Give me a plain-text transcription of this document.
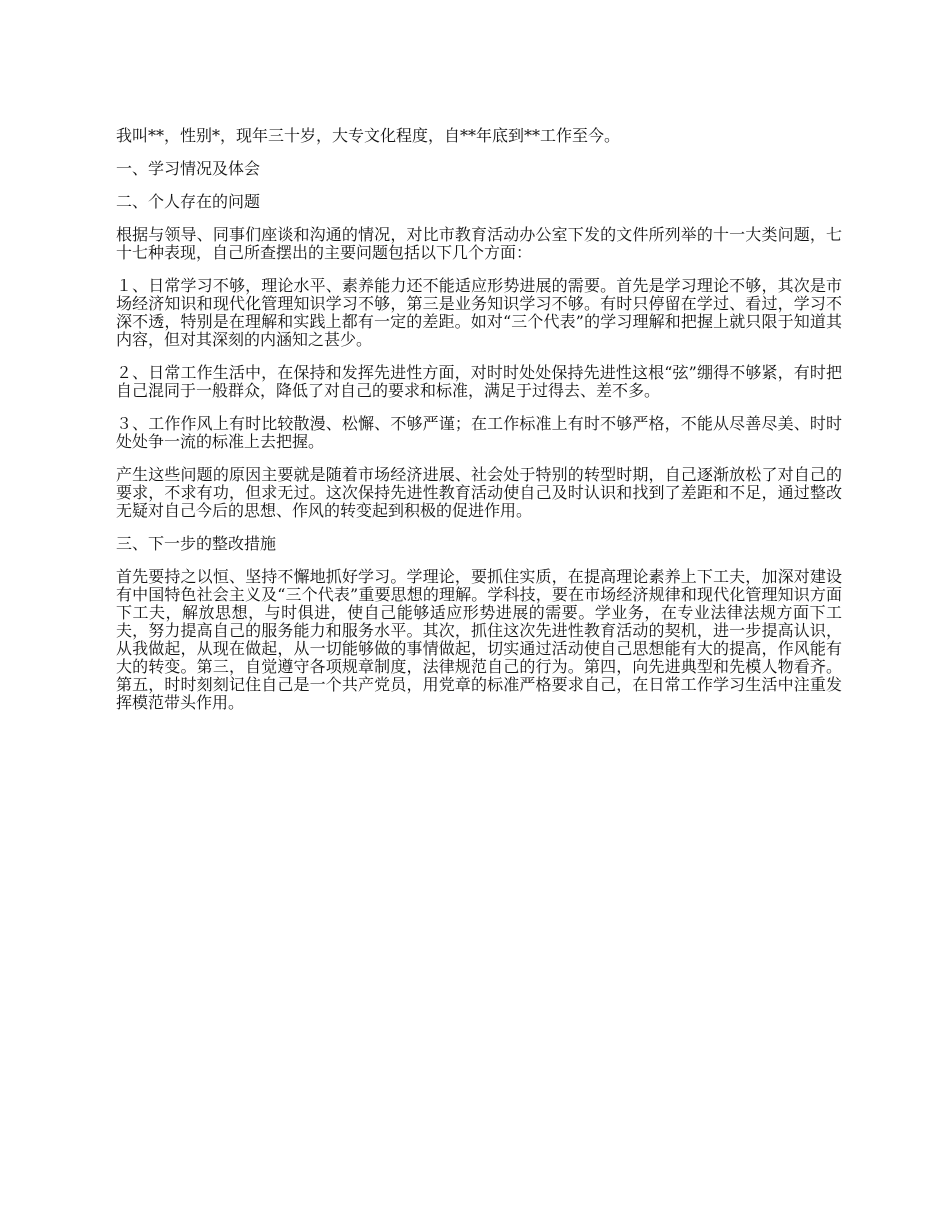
我叫**，性别*，现年三十岁，大专文化程度，自**年底到**工作至今。

一、学习情况及体会

二、个人存在的问题

根据与领导、同事们座谈和沟通的情况，对比市教育活动办公室下发的文件所列举的十一大类问题，七十七种表现，自己所查摆出的主要问题包括以下几个方面：

１、日常学习不够，理论水平、素养能力还不能适应形势进展的需要。首先是学习理论不够，其次是市场经济知识和现代化管理知识学习不够，第三是业务知识学习不够。有时只停留在学过、看过，学习不深不透，特别是在理解和实践上都有一定的差距。如对“三个代表”的学习理解和把握上就只限于知道其内容，但对其深刻的内涵知之甚少。

２、日常工作生活中，在保持和发挥先进性方面，对时时处处保持先进性这根“弦”绷得不够紧，有时把自己混同于一般群众，降低了对自己的要求和标准，满足于过得去、差不多。

３、工作作风上有时比较散漫、松懈、不够严谨；在工作标准上有时不够严格，不能从尽善尽美、时时处处争一流的标准上去把握。

产生这些问题的原因主要就是随着市场经济进展、社会处于特别的转型时期，自己逐渐放松了对自己的要求，不求有功，但求无过。这次保持先进性教育活动使自己及时认识和找到了差距和不足，通过整改无疑对自己今后的思想、作风的转变起到积极的促进作用。

三、下一步的整改措施

首先要持之以恒、坚持不懈地抓好学习。学理论，要抓住实质，在提高理论素养上下工夫，加深对建设有中国特色社会主义及“三个代表”重要思想的理解。学科技，要在市场经济规律和现代化管理知识方面下工夫，解放思想，与时俱进，使自己能够适应形势进展的需要。学业务，在专业法律法规方面下工夫，努力提高自己的服务能力和服务水平。其次，抓住这次先进性教育活动的契机，进一步提高认识，从我做起，从现在做起，从一切能够做的事情做起，切实通过活动使自己思想能有大的提高，作风能有大的转变。第三，自觉遵守各项规章制度，法律规范自己的行为。第四，向先进典型和先模人物看齐。第五，时时刻刻记住自己是一个共产党员，用党章的标准严格要求自己，在日常工作学习生活中注重发挥模范带头作用。
